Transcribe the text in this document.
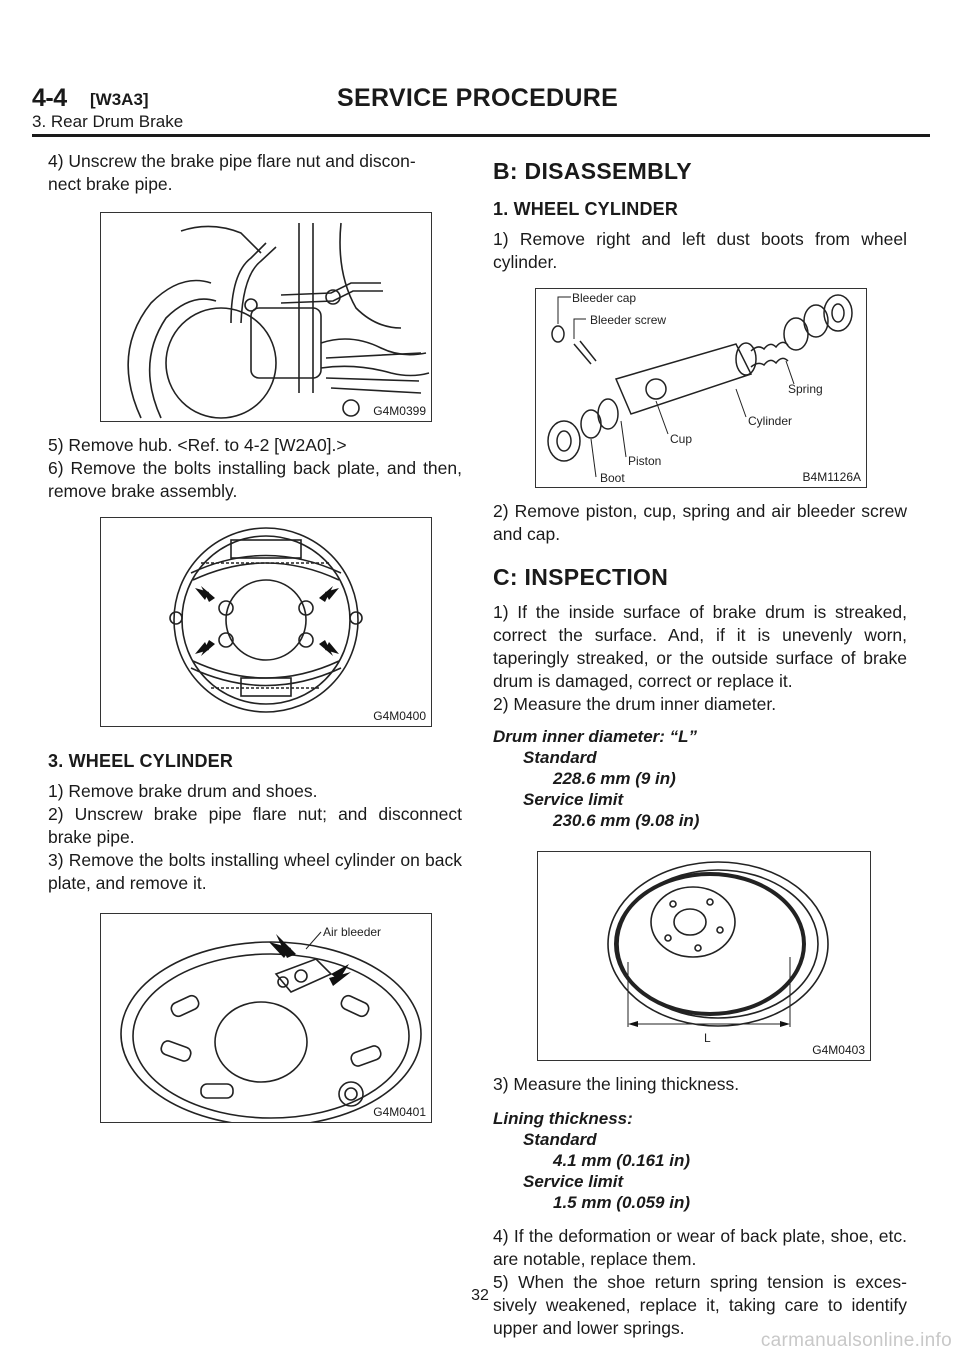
4-4 [W3A3]	SERVICE PROCEDURE
3. Rear Drum Brake

4) Unscrew the brake pipe flare nut and discon-
nect brake pipe.

G4M0399

5) Remove hub. <Ref. to 4-2 [W2A0].>

6) Remove the bolts installing back plate, and then, remove brake assembly.

G4M0400
3. WHEEL CYLINDER

1) Remove brake drum and shoes.

2) Unscrew brake pipe flare nut; and disconnect brake pipe.

3) Remove the bolts installing wheel cylinder on back plate, and remove it.

Air bleeder
G4M0401
B: DISASSEMBLY
1. WHEEL CYLINDER

1) Remove right and left dust boots from wheel cylinder.

Bleeder cap
Bleeder screw
Spring
Cylinder
Cup
Piston
Boot	B4M1126A

2) Remove piston, cup, spring and air bleeder screw and cap.

C: INSPECTION

1) If the inside surface of brake drum is streaked, correct the surface. And, if it is unevenly worn, taperingly streaked, or the outside surface of brake drum is damaged, correct or replace it.

2) Measure the drum inner diameter.

Drum inner diameter: “L”
Standard
228.6 mm (9 in)
Service limit
230.6 mm (9.08 in)
L
G4M0403

3) Measure the lining thickness.

Lining thickness:
Standard
4.1 mm (0.161 in)
Service limit
1.5 mm (0.059 in)

4) If the deformation or wear of back plate, shoe, etc. are notable, replace them.

5) When the shoe return spring tension is exces-sively weakened, replace it, taking care to identify upper and lower springs.

32
carmanualsonline.info
